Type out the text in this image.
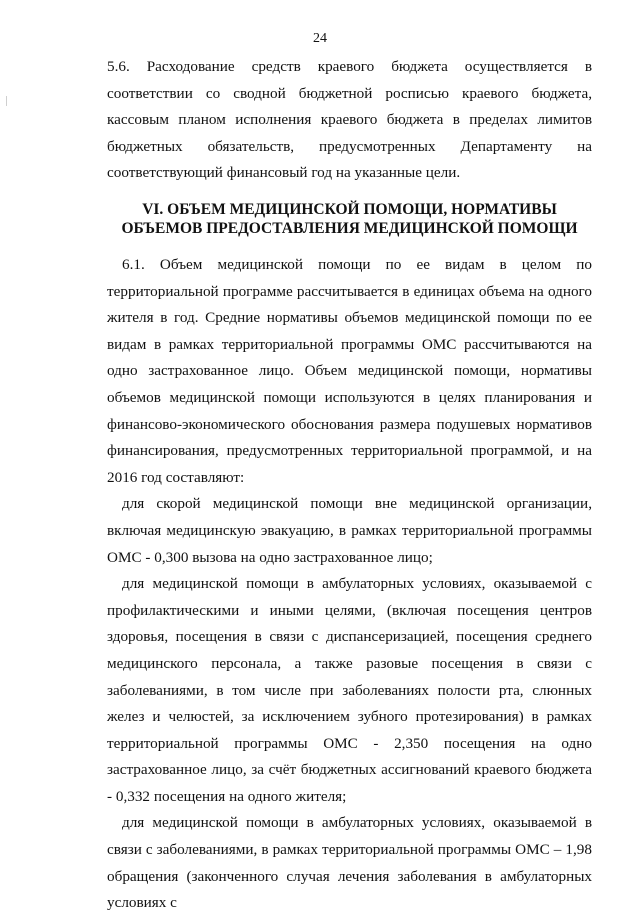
24

5.6. Расходование средств краевого бюджета осуществляется в соответствии со сводной бюджетной росписью краевого бюджета, кассовым планом исполнения краевого бюджета в пределах лимитов бюджетных обязательств, предусмотренных Департаменту на соответствующий финансовый год на указанные цели.

VI. ОБЪЕМ МЕДИЦИНСКОЙ ПОМОЩИ, НОРМАТИВЫ
ОБЪЕМОВ ПРЕДОСТАВЛЕНИЯ МЕДИЦИНСКОЙ ПОМОЩИ

6.1. Объем медицинской помощи по ее видам в целом по территориальной программе рассчитывается в единицах объема на одного жителя в год. Средние нормативы объемов медицинской помощи по ее видам в рамках территориальной программы ОМС рассчитываются на одно застрахованное лицо. Объем медицинской помощи, нормативы объемов медицинской помощи используются в целях планирования и финансово-экономического обоснования размера подушевых нормативов финансирования, предусмотренных территориальной программой, и на 2016 год составляют:

для скорой медицинской помощи вне медицинской организации, включая медицинскую эвакуацию, в рамках территориальной программы ОМС - 0,300 вызова на одно застрахованное лицо;

для медицинской помощи в амбулаторных условиях, оказываемой с профилактическими и иными целями, (включая посещения центров здоровья, посещения в связи с диспансеризацией, посещения среднего медицинского персонала, а также разовые посещения в связи с заболеваниями, в том числе при заболеваниях полости рта, слюнных желез и челюстей, за исключением зубного протезирования) в рамках территориальной программы ОМС - 2,350 посещения на одно застрахованное лицо, за счёт бюджетных ассигнований краевого бюджета - 0,332 посещения на одного жителя;

для медицинской помощи в амбулаторных условиях, оказываемой в связи с заболеваниями, в рамках территориальной программы ОМС – 1,98 обращения (законченного случая лечения заболевания в амбулаторных условиях с
